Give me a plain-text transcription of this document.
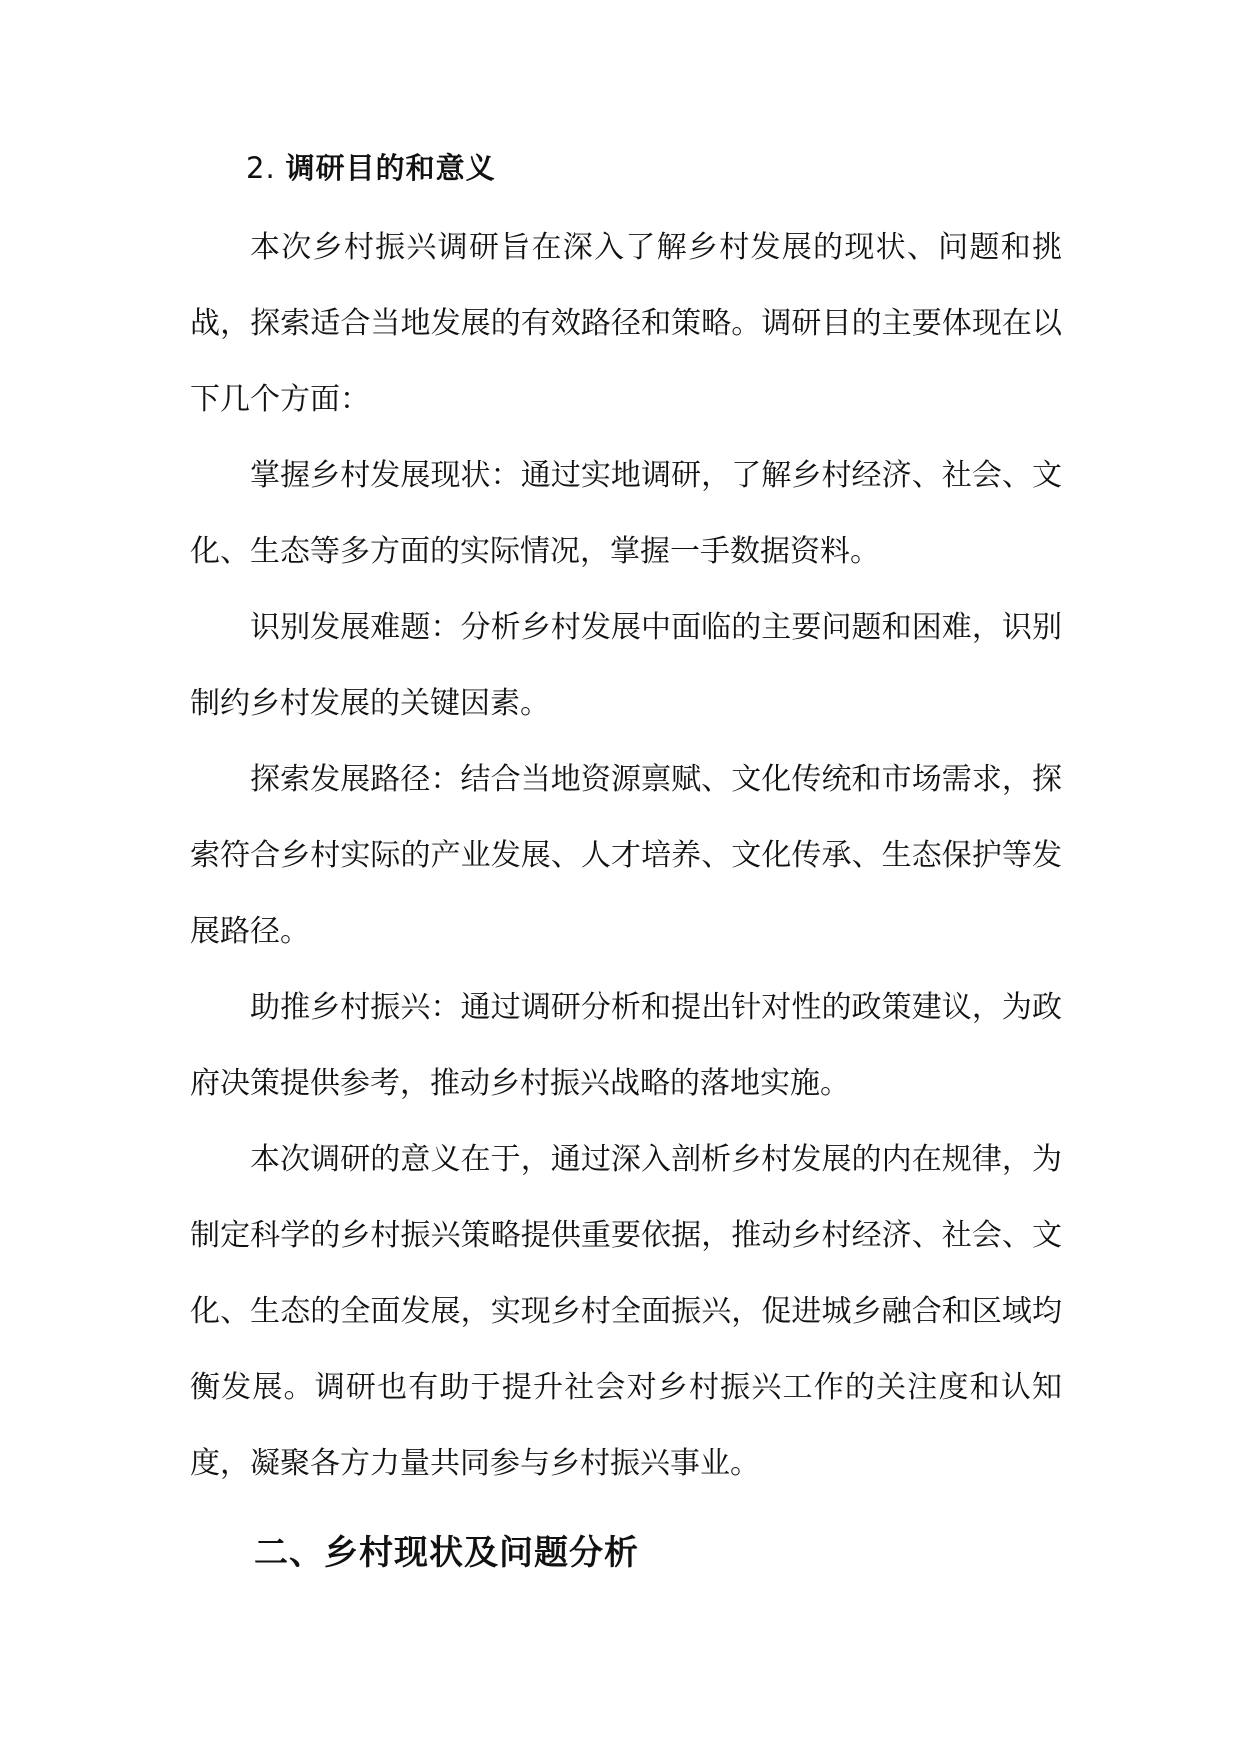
2. 调研目的和意义

本次乡村振兴调研旨在深入了解乡村发展的现状、问题和挑战，探索适合当地发展的有效路径和策略。调研目的主要体现在以下几个方面：

掌握乡村发展现状：通过实地调研，了解乡村经济、社会、文化、生态等多方面的实际情况，掌握一手数据资料。

识别发展难题：分析乡村发展中面临的主要问题和困难，识别制约乡村发展的关键因素。

探索发展路径：结合当地资源禀赋、文化传统和市场需求，探索符合乡村实际的产业发展、人才培养、文化传承、生态保护等发展路径。

助推乡村振兴：通过调研分析和提出针对性的政策建议，为政府决策提供参考，推动乡村振兴战略的落地实施。

本次调研的意义在于，通过深入剖析乡村发展的内在规律，为制定科学的乡村振兴策略提供重要依据，推动乡村经济、社会、文化、生态的全面发展，实现乡村全面振兴，促进城乡融合和区域均衡发展。调研也有助于提升社会对乡村振兴工作的关注度和认知度，凝聚各方力量共同参与乡村振兴事业。

二、乡村现状及问题分析
